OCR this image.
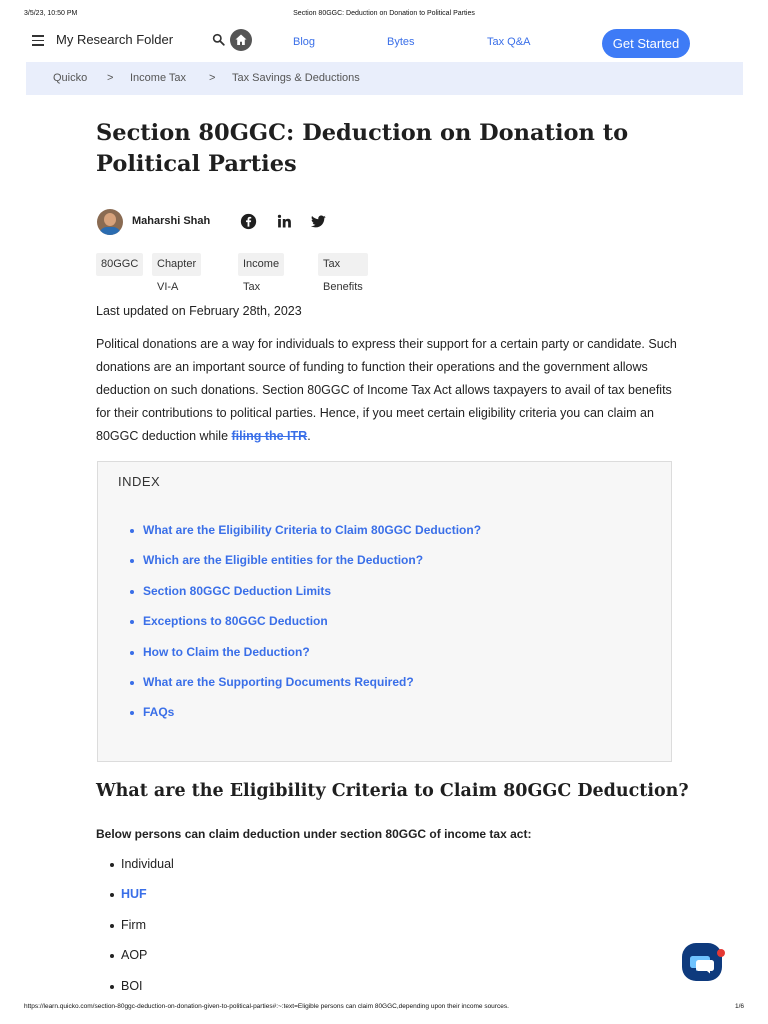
3/5/23, 10:50 PM	Section 80GGC: Deduction on Donation to Political Parties
My Research Folder	Blog	Bytes	Tax Q&A	Get Started
Quicko > Income Tax > Tax Savings & Deductions
Section 80GGC: Deduction on Donation to Political Parties
Maharshi Shah
80GGC	Chapter VI-A
Income Tax
Tax Benefits
Last updated on February 28th, 2023

Political donations are a way for individuals to express their support for a certain party or candidate. Such donations are an important source of funding to function their operations and the government allows deduction on such donations. Section 80GGC of Income Tax Act allows taxpayers to avail of tax benefits for their contributions to political parties. Hence, if you meet certain eligibility criteria you can claim an 80GGC deduction while filing the ITR.

INDEX
What are the Eligibility Criteria to Claim 80GGC Deduction?
Which are the Eligible entities for the Deduction?
Section 80GGC Deduction Limits
Exceptions to 80GGC Deduction
How to Claim the Deduction?
What are the Supporting Documents Required?
FAQs
What are the Eligibility Criteria to Claim 80GGC Deduction?
Below persons can claim deduction under section 80GGC of income tax act:
Individual
HUF
Firm
AOP
BOI
https://learn.quicko.com/section-80ggc-deduction-on-donation-given-to-political-parties#:~:text=Eligible persons can claim 80GGC,depending upon their income sources.	1/6
